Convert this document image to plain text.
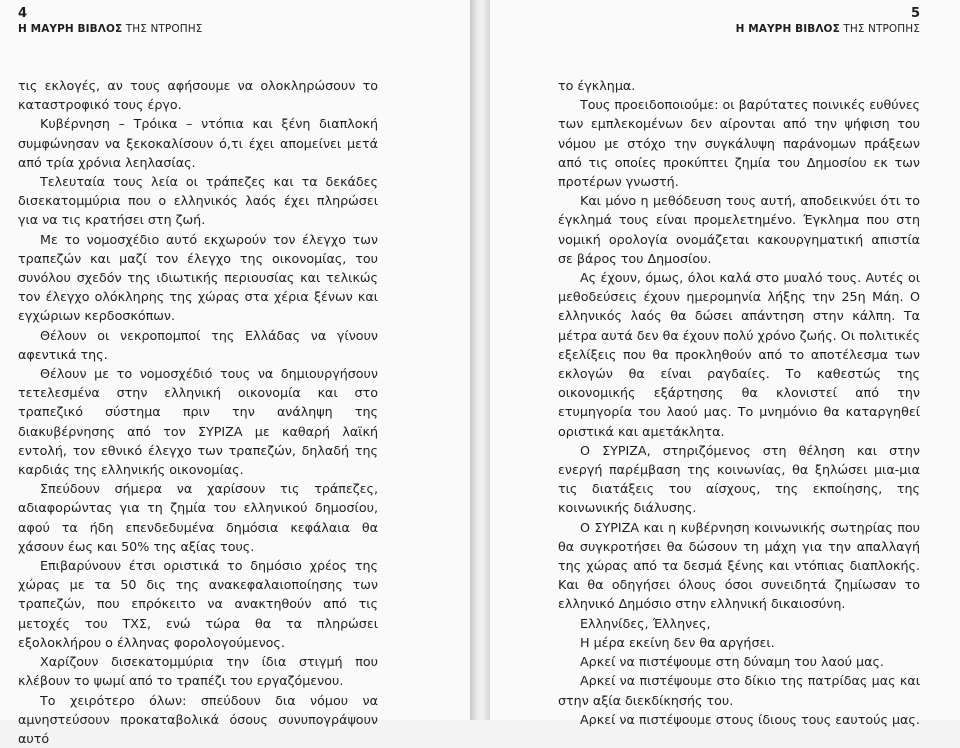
4

Η ΜΑΥΡΗ ΒΙΒΛΟΣ ΤΗΣ ΝΤΡΟΠΗΣ

τις εκλογές, αν τους αφήσουμε να ολοκληρώσουν το καταστροφικό τους έργο.

Κυβέρνηση – Τρόικα – ντόπια και ξένη διαπλοκή συμφώνησαν να ξεκοκαλίσουν ό,τι έχει απομείνει μετά από τρία χρόνια λεηλασίας.

Τελευταία τους λεία οι τράπεζες και τα δεκάδες δισεκατομμύρια που ο ελληνικός λαός έχει πληρώσει για να τις κρατήσει στη ζωή.

Με το νομοσχέδιο αυτό εκχωρούν τον έλεγχο των τραπεζών και μαζί τον έλεγχο της οικονομίας, του συνόλου σχεδόν της ιδιωτικής περιουσίας και τελικώς τον έλεγχο ολόκληρης της χώρας στα χέρια ξένων και εγχώριων κερδοσκόπων.

Θέλουν οι νεκροπομποί της Ελλάδας να γίνουν αφεντικά της.

Θέλουν με το νομοσχέδιό τους να δημιουργήσουν τετελεσμένα στην ελληνική οικονομία και στο τραπεζικό σύστημα πριν την ανάληψη της διακυβέρνησης από τον ΣΥΡΙΖΑ με καθαρή λαϊκή εντολή, τον εθνικό έλεγχο των τραπεζών, δηλαδή της καρδιάς της ελληνικής οικονομίας.

Σπεύδουν σήμερα να χαρίσουν τις τράπεζες, αδιαφορώντας για τη ζημία του ελληνικού δημοσίου, αφού τα ήδη επενδεδυμένα δημόσια κεφάλαια θα χάσουν έως και 50% της αξίας τους.

Επιβαρύνουν έτσι οριστικά το δημόσιο χρέος της χώρας με τα 50 δις της ανακεφαλαιοποίησης των τραπεζών, που επρόκειτο να ανακτηθούν από τις μετοχές του ΤΧΣ, ενώ τώρα θα τα πληρώσει εξολοκλήρου ο έλληνας φορολογούμενος.

Χαρίζουν δισεκατομμύρια την ίδια στιγμή που κλέβουν το ψωμί από το τραπέζι του εργαζόμενου.

Το χειρότερο όλων: σπεύδουν δια νόμου να αμνηστεύσουν προκαταβολικά όσους συνυπογράψουν αυτό

5

Η ΜΑΥΡΗ ΒΙΒΛΟΣ ΤΗΣ ΝΤΡΟΠΗΣ

το έγκλημα.

Τους προειδοποιούμε: οι βαρύτατες ποινικές ευθύνες των εμπλεκομένων δεν αίρονται από την ψήφιση του νόμου με στόχο την συγκάλυψη παράνομων πράξεων από τις οποίες προκύπτει ζημία του Δημοσίου εκ των προτέρων γνωστή.

Και μόνο η μεθόδευση τους αυτή, αποδεικνύει ότι το έγκλημά τους είναι προμελετημένο. Έγκλημα που στη νομική ορολογία ονομάζεται κακουργηματική απιστία σε βάρος του Δημοσίου.

Ας έχουν, όμως, όλοι καλά στο μυαλό τους. Αυτές οι μεθοδεύσεις έχουν ημερομηνία λήξης την 25η Μάη. Ο ελληνικός λαός θα δώσει απάντηση στην κάλπη. Τα μέτρα αυτά δεν θα έχουν πολύ χρόνο ζωής. Οι πολιτικές εξελίξεις που θα προκληθούν από το αποτέλεσμα των εκλογών θα είναι ραγδαίες. Το καθεστώς της οικονομικής εξάρτησης θα κλονιστεί από την ετυμηγορία του λαού μας. Το μνημόνιο θα καταργηθεί οριστικά και αμετάκλητα.

Ο ΣΥΡΙΖΑ, στηριζόμενος στη θέληση και στην ενεργή παρέμβαση της κοινωνίας, θα ξηλώσει μια-μια τις διατάξεις του αίσχους, της εκποίησης, της κοινωνικής διάλυσης.

Ο ΣΥΡΙΖΑ και η κυβέρνηση κοινωνικής σωτηρίας που θα συγκροτήσει θα δώσουν τη μάχη για την απαλλαγή της χώρας από τα δεσμά ξένης και ντόπιας διαπλοκής. Και θα οδηγήσει όλους όσοι συνειδητά ζημίωσαν το ελληνικό Δημόσιο στην ελληνική δικαιοσύνη.

Ελληνίδες, Έλληνες,

Η μέρα εκείνη δεν θα αργήσει.

Αρκεί να πιστέψουμε στη δύναμη του λαού μας.

Αρκεί να πιστέψουμε στο δίκιο της πατρίδας μας και στην αξία διεκδίκησής του.

Αρκεί να πιστέψουμε στους ίδιους τους εαυτούς μας.
